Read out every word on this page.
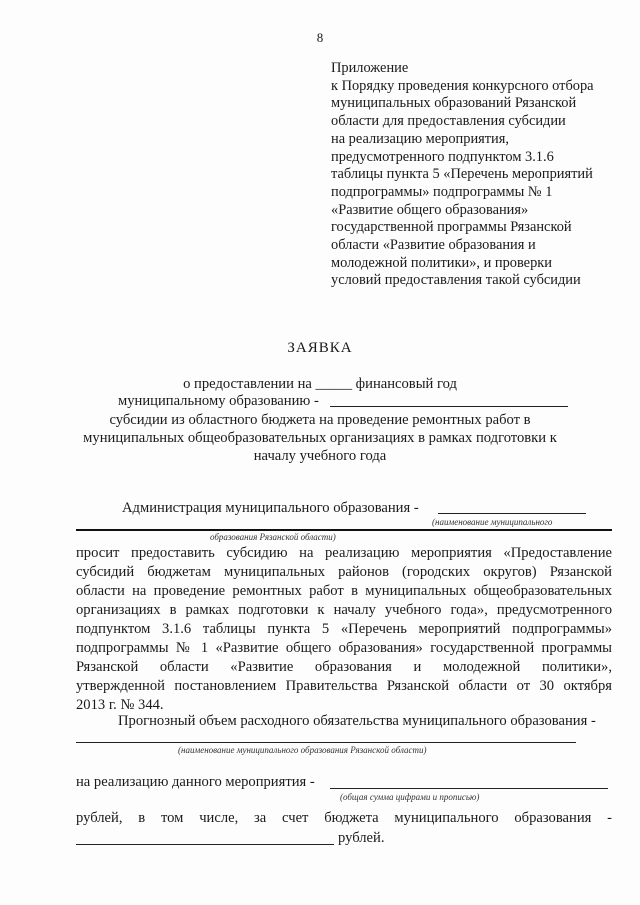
8
Приложение
к Порядку проведения конкурсного отбора
муниципальных образований Рязанской
области для предоставления субсидии
на реализацию мероприятия,
предусмотренного подпунктом 3.1.6
таблицы пункта 5 «Перечень мероприятий
подпрограммы» подпрограммы № 1
«Развитие общего образования»
государственной программы Рязанской
области «Развитие образования и
молодежной политики», и проверки
условий предоставления такой субсидии
ЗАЯВКА
о предоставлении на _____ финансовый год
муниципальному образованию -
субсидии из областного бюджета на проведение ремонтных работ в
муниципальных общеобразовательных организациях в рамках подготовки к
началу учебного года
Администрация муниципального образования -
(наименование муниципального
образования Рязанской области)
просит предоставить субсидию на реализацию мероприятия «Предоставление
субсидий бюджетам муниципальных районов (городских округов) Рязанской
области на проведение ремонтных работ в муниципальных общеобразовательных
организациях в рамках подготовки к началу учебного года», предусмотренного
подпунктом 3.1.6 таблицы пункта 5 «Перечень мероприятий подпрограммы»
подпрограммы № 1 «Развитие общего образования» государственной программы
Рязанской области «Развитие образования и молодежной политики»,
утвержденной постановлением Правительства Рязанской области от 30 октября
2013 г. № 344.
Прогнозный объем расходного обязательства муниципального образования -
(наименование муниципального образования Рязанской области)
на реализацию данного мероприятия -
(общая сумма цифрами и прописью)
рублей, в том числе, за счет бюджета муниципального образования -
рублей.
